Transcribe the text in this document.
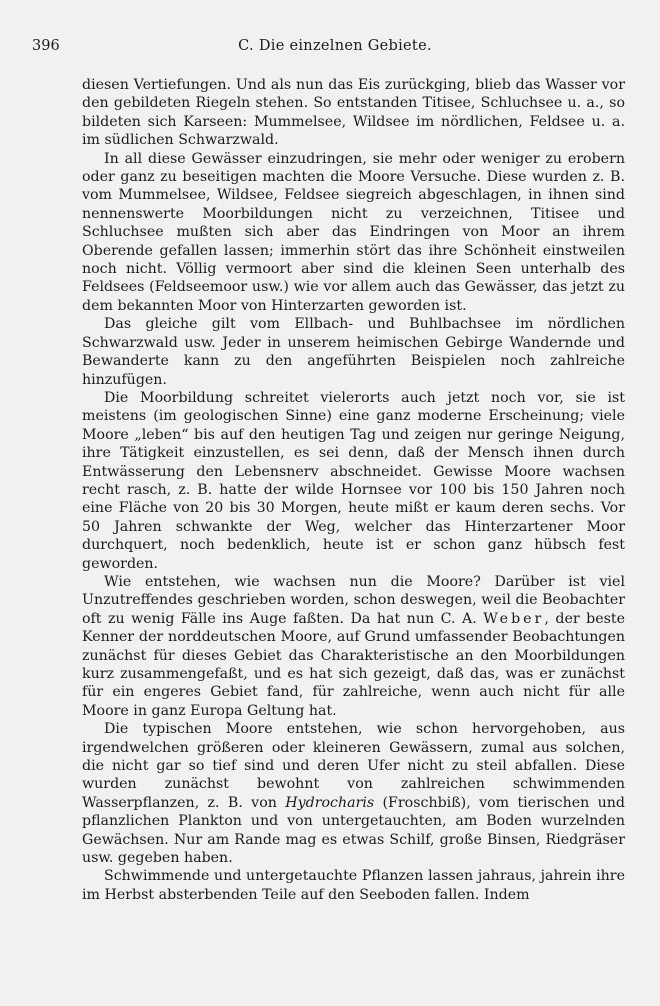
396	C. Die einzelnen Gebiete.

diesen Vertiefungen. Und als nun das Eis zurückging, blieb das Wasser vor den gebildeten Riegeln stehen. So entstanden Titisee, Schluchsee u. a., so bildeten sich Karseen: Mummelsee, Wildsee im nördlichen, Feldsee u. a. im südlichen Schwarzwald.

In all diese Gewässer einzudringen, sie mehr oder weniger zu erobern oder ganz zu beseitigen machten die Moore Versuche. Diese wurden z. B. vom Mummelsee, Wildsee, Feldsee siegreich abgeschlagen, in ihnen sind nennenswerte Moorbildungen nicht zu verzeichnen, Titisee und Schluchsee mußten sich aber das Eindringen von Moor an ihrem Oberende gefallen lassen; immerhin stört das ihre Schönheit einstweilen noch nicht. Völlig vermoort aber sind die kleinen Seen unterhalb des Feldsees (Feldseemoor usw.) wie vor allem auch das Gewässer, das jetzt zu dem bekannten Moor von Hinterzarten geworden ist.

Das gleiche gilt vom Ellbach- und Buhlbachsee im nördlichen Schwarzwald usw. Jeder in unserem heimischen Gebirge Wandernde und Bewanderte kann zu den angeführten Beispielen noch zahlreiche hinzufügen.

Die Moorbildung schreitet vielerorts auch jetzt noch vor, sie ist meistens (im geologischen Sinne) eine ganz moderne Erscheinung; viele Moore „leben“ bis auf den heutigen Tag und zeigen nur geringe Neigung, ihre Tätigkeit einzustellen, es sei denn, daß der Mensch ihnen durch Entwässerung den Lebensnerv abschneidet. Gewisse Moore wachsen recht rasch, z. B. hatte der wilde Hornsee vor 100 bis 150 Jahren noch eine Fläche von 20 bis 30 Morgen, heute mißt er kaum deren sechs. Vor 50 Jahren schwankte der Weg, welcher das Hinterzartener Moor durchquert, noch bedenklich, heute ist er schon ganz hübsch fest geworden.

Wie entstehen, wie wachsen nun die Moore? Darüber ist viel Unzutreffendes geschrieben worden, schon deswegen, weil die Beobachter oft zu wenig Fälle ins Auge faßten. Da hat nun C. A. Weber, der beste Kenner der norddeutschen Moore, auf Grund umfassender Beobachtungen zunächst für dieses Gebiet das Charakteristische an den Moorbildungen kurz zusammengefaßt, und es hat sich gezeigt, daß das, was er zunächst für ein engeres Gebiet fand, für zahlreiche, wenn auch nicht für alle Moore in ganz Europa Geltung hat.

Die typischen Moore entstehen, wie schon hervorgehoben, aus irgendwelchen größeren oder kleineren Gewässern, zumal aus solchen, die nicht gar so tief sind und deren Ufer nicht zu steil abfallen. Diese wurden zunächst bewohnt von zahlreichen schwimmenden Wasserpflanzen, z. B. von Hydrocharis (Froschbiß), vom tierischen und pflanzlichen Plankton und von untergetauchten, am Boden wurzelnden Gewächsen. Nur am Rande mag es etwas Schilf, große Binsen, Riedgräser usw. gegeben haben.

Schwimmende und untergetauchte Pflanzen lassen jahraus, jahrein ihre im Herbst absterbenden Teile auf den Seeboden fallen. Indem
